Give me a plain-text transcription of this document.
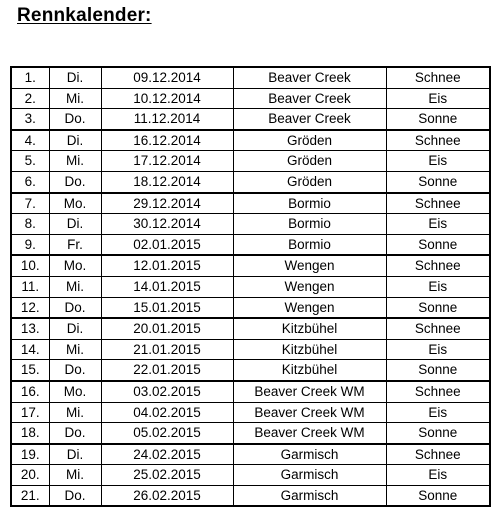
Rennkalender:
1.	Di.	09.12.2014	Beaver Creek	Schnee
2.	Mi.	10.12.2014	Beaver Creek	Eis
3.	Do.	11.12.2014	Beaver Creek	Sonne
4.	Di.	16.12.2014	Gröden	Schnee
5.	Mi.	17.12.2014	Gröden	Eis
6.	Do.	18.12.2014	Gröden	Sonne
7.	Mo.	29.12.2014	Bormio	Schnee
8.	Di.	30.12.2014	Bormio	Eis
9.	Fr.	02.01.2015	Bormio	Sonne
10.	Mo.	12.01.2015	Wengen	Schnee
11.	Mi.	14.01.2015	Wengen	Eis
12.	Do.	15.01.2015	Wengen	Sonne
13.	Di.	20.01.2015	Kitzbühel	Schnee
14.	Mi.	21.01.2015	Kitzbühel	Eis
15.	Do.	22.01.2015	Kitzbühel	Sonne
16.	Mo.	03.02.2015	Beaver Creek WM	Schnee
17.	Mi.	04.02.2015	Beaver Creek WM	Eis
18.	Do.	05.02.2015	Beaver Creek WM	Sonne
19.	Di.	24.02.2015	Garmisch	Schnee
20.	Mi.	25.02.2015	Garmisch	Eis
21.	Do.	26.02.2015	Garmisch	Sonne
